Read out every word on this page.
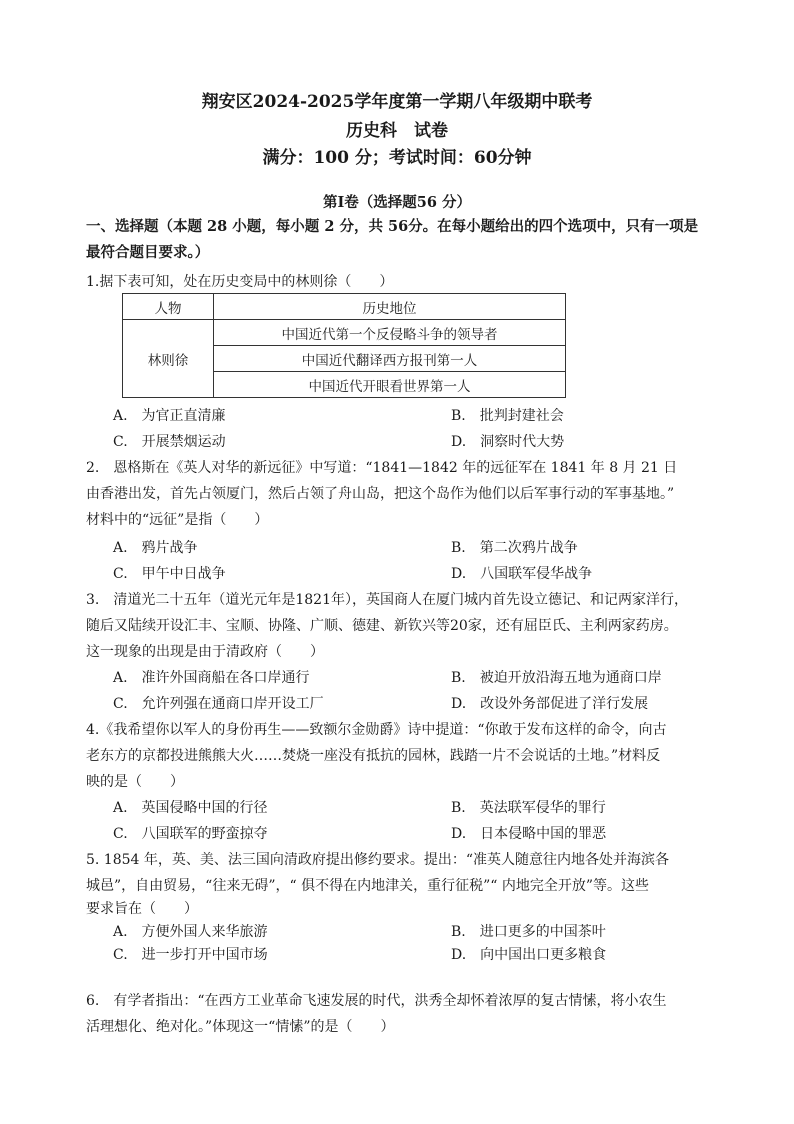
翔安区2024-2025学年度第一学期八年级期中联考
历史科　试卷
满分：100 分；考试时间：60分钟
第Ⅰ卷（选择题56 分）
一、选择题（本题 28 小题，每小题 2 分，共 56分。在每小题给出的四个选项中，只有一项是
最符合题目要求。）
1.据下表可知，处在历史变局中的林则徐（　　）
人物	历史地位
林则徐	中国近代第一个反侵略斗争的领导者
	中国近代翻译西方报刊第一人
	中国近代开眼看世界第一人
A.　为官正直清廉	B.　批判封建社会
C.　开展禁烟运动	D.　洞察时代大势
2.　恩格斯在《英人对华的新远征》中写道：“1841—1842 年的远征军在 1841 年 8 月 21 日
由香港出发，首先占领厦门，然后占领了舟山岛，把这个岛作为他们以后军事行动的军事基地。”
材料中的“远征”是指（　　）
A.　鸦片战争	B.　第二次鸦片战争
C.　甲午中日战争	D.　八国联军侵华战争
3.　清道光二十五年（道光元年是1821年），英国商人在厦门城内首先设立德记、和记两家洋行，
随后又陆续开设汇丰、宝顺、协隆、广顺、德建、新钦兴等20家，还有屈臣氏、主利两家药房。
这一现象的出现是由于清政府（　　）
A.　准许外国商船在各口岸通行	B.　被迫开放沿海五地为通商口岸
C.　允许列强在通商口岸开设工厂	D.　改设外务部促进了洋行发展
4.《我希望你以军人的身份再生——致额尔金勋爵》诗中提道：“你敢于发布这样的命令，向古
老东方的京都投进熊熊大火……焚烧一座没有抵抗的园林，践踏一片不会说话的土地。”材料反
映的是（　　）
A.　英国侵略中国的行径	B.　英法联军侵华的罪行
C.　八国联军的野蛮掠夺	D.　日本侵略中国的罪恶
5. 1854 年，英、美、法三国向清政府提出修约要求。提出：“准英人随意往内地各处并海滨各
城邑”，自由贸易，“往来无碍”，“ 俱不得在内地津关，重行征税”“ 内地完全开放”等。这些
要求旨在（　　）
A.　方便外国人来华旅游	B.　进口更多的中国茶叶
C.　进一步打开中国市场	D.　向中国出口更多粮食
6.　有学者指出：“在西方工业革命飞速发展的时代，洪秀全却怀着浓厚的复古情愫，将小农生
活理想化、绝对化。”体现这一“情愫”的是（　　）
